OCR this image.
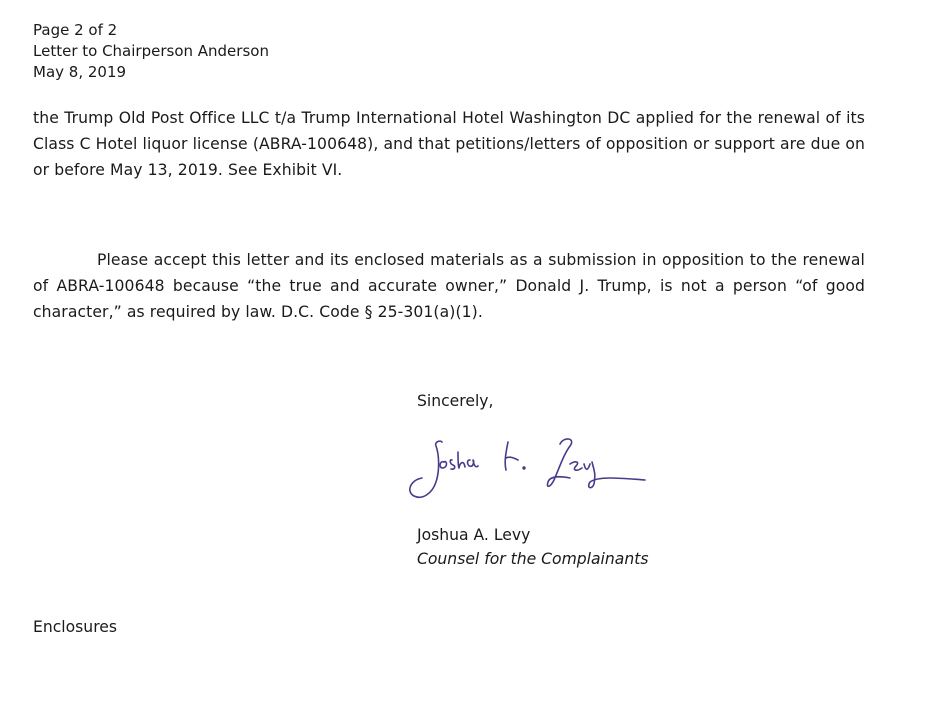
Page 2 of 2
Letter to Chairperson Anderson
May 8, 2019

the Trump Old Post Office LLC t/a Trump International Hotel Washington DC applied for the renewal of its Class C Hotel liquor license (ABRA-100648), and that petitions/letters of opposition or support are due on or before May 13, 2019. See Exhibit VI.

Please accept this letter and its enclosed materials as a submission in opposition to the renewal of ABRA-100648 because “the true and accurate owner,” Donald J. Trump, is not a person “of good character,” as required by law. D.C. Code § 25-301(a)(1).

Sincerely,
Joshua A. Levy
Counsel for the Complainants
Enclosures
